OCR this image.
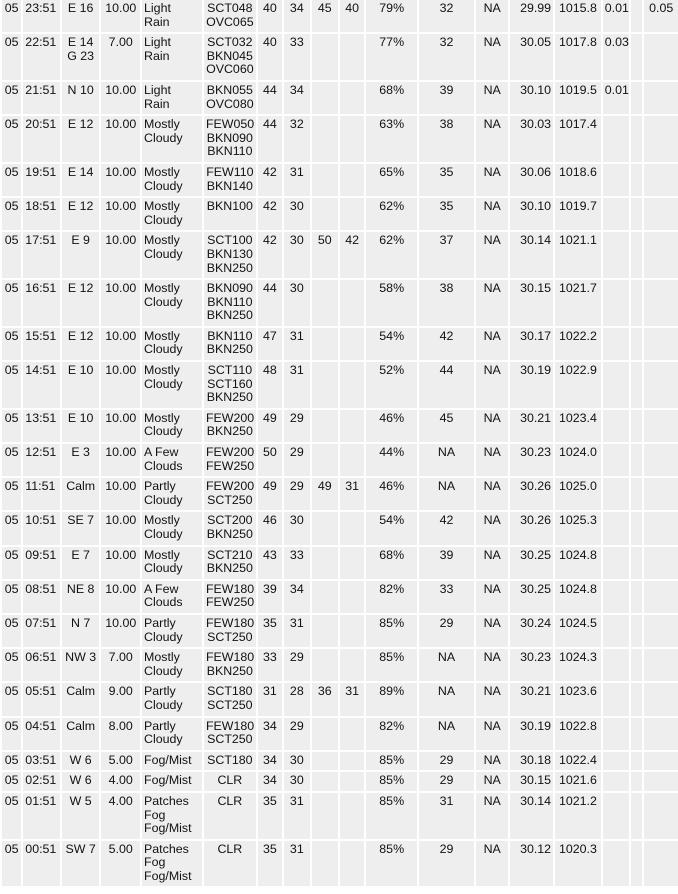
05	23:51	E 16	10.00	Light
Rain	SCT048
OVC065	40	34	45	40	79%	32	NA	29.99	1015.8	0.01		0.05
05	22:51	E 14
G 23	7.00	Light
Rain	SCT032
BKN045
OVC060	40	33			77%	32	NA	30.05	1017.8	0.03		
05	21:51	N 10	10.00	Light
Rain	BKN055
OVC080	44	34			68%	39	NA	30.10	1019.5	0.01		
05	20:51	E 12	10.00	Mostly
Cloudy	FEW050
BKN090
BKN110	44	32			63%	38	NA	30.03	1017.4			
05	19:51	E 14	10.00	Mostly
Cloudy	FEW110
BKN140	42	31			65%	35	NA	30.06	1018.6			
05	18:51	E 12	10.00	Mostly
Cloudy	BKN100	42	30			62%	35	NA	30.10	1019.7			
05	17:51	E 9	10.00	Mostly
Cloudy	SCT100
BKN130
BKN250	42	30	50	42	62%	37	NA	30.14	1021.1			
05	16:51	E 12	10.00	Mostly
Cloudy	BKN090
BKN110
BKN250	44	30			58%	38	NA	30.15	1021.7			
05	15:51	E 12	10.00	Mostly
Cloudy	BKN110
BKN250	47	31			54%	42	NA	30.17	1022.2			
05	14:51	E 10	10.00	Mostly
Cloudy	SCT110
SCT160
BKN250	48	31			52%	44	NA	30.19	1022.9			
05	13:51	E 10	10.00	Mostly
Cloudy	FEW200
BKN250	49	29			46%	45	NA	30.21	1023.4			
05	12:51	E 3	10.00	A Few
Clouds	FEW200
FEW250	50	29			44%	NA	NA	30.23	1024.0			
05	11:51	Calm	10.00	Partly
Cloudy	FEW200
SCT250	49	29	49	31	46%	NA	NA	30.26	1025.0			
05	10:51	SE 7	10.00	Mostly
Cloudy	SCT200
BKN250	46	30			54%	42	NA	30.26	1025.3			
05	09:51	E 7	10.00	Mostly
Cloudy	SCT210
BKN250	43	33			68%	39	NA	30.25	1024.8			
05	08:51	NE 8	10.00	A Few
Clouds	FEW180
FEW250	39	34			82%	33	NA	30.25	1024.8			
05	07:51	N 7	10.00	Partly
Cloudy	FEW180
SCT250	35	31			85%	29	NA	30.24	1024.5			
05	06:51	NW 3	7.00	Mostly
Cloudy	FEW180
BKN250	33	29			85%	NA	NA	30.23	1024.3			
05	05:51	Calm	9.00	Partly
Cloudy	SCT180
SCT250	31	28	36	31	89%	NA	NA	30.21	1023.6			
05	04:51	Calm	8.00	Partly
Cloudy	FEW180
SCT250	34	29			82%	NA	NA	30.19	1022.8			
05	03:51	W 6	5.00	Fog/Mist	SCT180	34	30			85%	29	NA	30.18	1022.4			
05	02:51	W 6	4.00	Fog/Mist	CLR	34	30			85%	29	NA	30.15	1021.6			
05	01:51	W 5	4.00	Patches
Fog
Fog/Mist	CLR	35	31			85%	31	NA	30.14	1021.2			
05	00:51	SW 7	5.00	Patches
Fog
Fog/Mist	CLR	35	31			85%	29	NA	30.12	1020.3			
